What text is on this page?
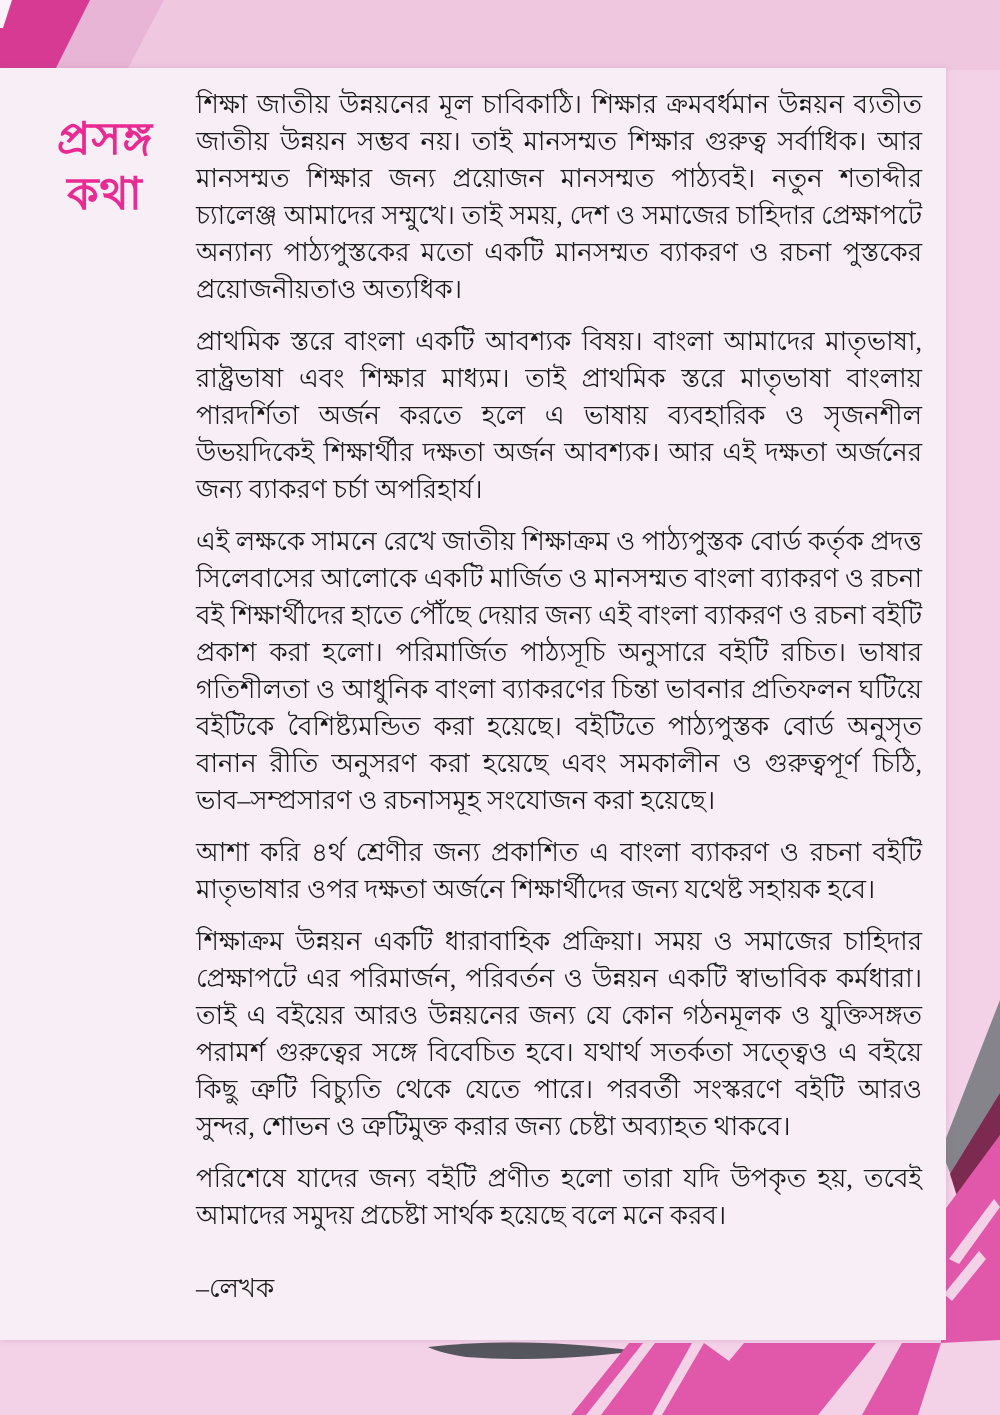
প্রসঙ্গ
কথা

শিক্ষা জাতীয় উন্নয়নের মূল চাবিকাঠি। শিক্ষার ক্রমবর্ধমান উন্নয়ন ব্যতীত জাতীয় উন্নয়ন সম্ভব নয়। তাই মানসম্মত শিক্ষার গুরুত্ব সর্বাধিক। আর মানসম্মত শিক্ষার জন্য প্রয়োজন মানসম্মত পাঠ্যবই। নতুন শতাব্দীর চ্যালেঞ্জ আমাদের সম্মুখে। তাই সময়, দেশ ও সমাজের চাহিদার প্রেক্ষাপটে অন্যান্য পাঠ্যপুস্তকের মতো একটি মানসম্মত ব্যাকরণ ও রচনা পুস্তকের প্রয়োজনীয়তাও অত্যধিক।

প্রাথমিক স্তরে বাংলা একটি আবশ্যক বিষয়। বাংলা আমাদের মাতৃভাষা, রাষ্ট্রভাষা এবং শিক্ষার মাধ্যম। তাই প্রাথমিক স্তরে মাতৃভাষা বাংলায় পারদর্শিতা অর্জন করতে হলে এ ভাষায় ব্যবহারিক ও সৃজনশীল উভয়দিকেই শিক্ষার্থীর দক্ষতা অর্জন আবশ্যক। আর এই দক্ষতা অর্জনের জন্য ব্যাকরণ চর্চা অপরিহার্য।

এই লক্ষকে সামনে রেখে জাতীয় শিক্ষাক্রম ও পাঠ্যপুস্তক বোর্ড কর্তৃক প্রদত্ত সিলেবাসের আলোকে একটি মার্জিত ও মানসম্মত বাংলা ব্যাকরণ ও রচনা বই শিক্ষার্থীদের হাতে পৌঁছে দেয়ার জন্য এই বাংলা ব্যাকরণ ও রচনা বইটি প্রকাশ করা হলো। পরিমার্জিত পাঠ্যসূচি অনুসারে বইটি রচিত। ভাষার গতিশীলতা ও আধুনিক বাংলা ব্যাকরণের চিন্তা ভাবনার প্রতিফলন ঘটিয়ে বইটিকে বৈশিষ্ট্যমন্ডিত করা হয়েছে। বইটিতে পাঠ্যপুস্তক বোর্ড অনুসৃত বানান রীতি অনুসরণ করা হয়েছে এবং সমকালীন ও গুরুত্বপূর্ণ চিঠি, ভাব–সম্প্রসারণ ও রচনাসমূহ সংযোজন করা হয়েছে।

আশা করি ৪র্থ শ্রেণীর জন্য প্রকাশিত এ বাংলা ব্যাকরণ ও রচনা বইটি মাতৃভাষার ওপর দক্ষতা অর্জনে শিক্ষার্থীদের জন্য যথেষ্ট সহায়ক হবে।

শিক্ষাক্রম উন্নয়ন একটি ধারাবাহিক প্রক্রিয়া। সময় ও সমাজের চাহিদার প্রেক্ষাপটে এর পরিমার্জন, পরিবর্তন ও উন্নয়ন একটি স্বাভাবিক কর্মধারা। তাই এ বইয়ের আরও উন্নয়নের জন্য যে কোন গঠনমূলক ও যুক্তিসঙ্গত পরামর্শ গুরুত্বের সঙ্গে বিবেচিত হবে। যথার্থ সতর্কতা সত্ত্বেও এ বইয়ে কিছু ত্রুটি বিচ্যুতি থেকে যেতে পারে। পরবর্তী সংস্করণে বইটি আরও সুন্দর, শোভন ও ত্রুটিমুক্ত করার জন্য চেষ্টা অব্যাহত থাকবে।

পরিশেষে যাদের জন্য বইটি প্রণীত হলো তারা যদি উপকৃত হয়, তবেই আমাদের সমুদয় প্রচেষ্টা সার্থক হয়েছে বলে মনে করব।

–লেখক
